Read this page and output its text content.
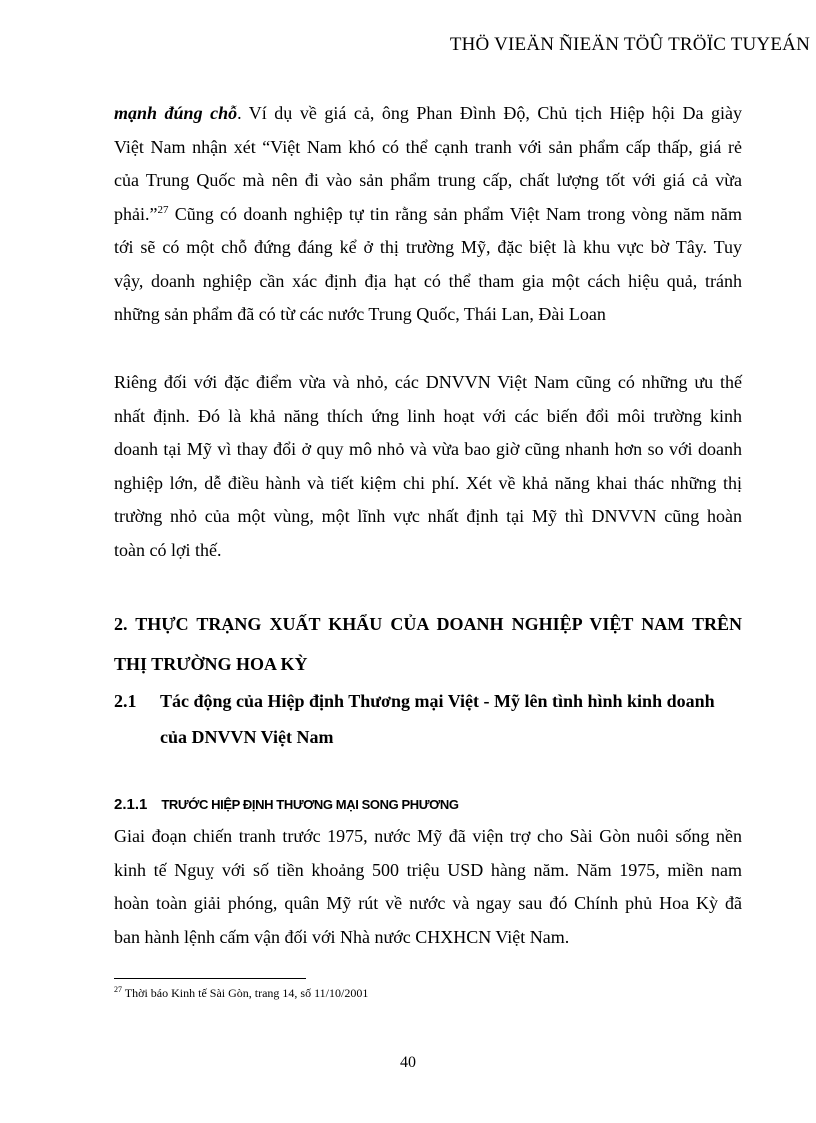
THÖ VIEÄN ÑIEÄN TÖÛ TRÖÏC TUYEÁN
mạnh đúng chỗ. Ví dụ về giá cả, ông Phan Đình Độ, Chủ tịch Hiệp hội Da giày
Việt Nam nhận xét “Việt Nam khó có thể cạnh tranh với sản phẩm cấp thấp, giá rẻ
của Trung Quốc mà nên đi vào sản phẩm trung cấp, chất lượng tốt với giá cả vừa
phải.”$^{27}$ Cũng có doanh nghiệp tự tin rằng sản phẩm Việt Nam trong vòng năm năm
tới sẽ có một chỗ đứng đáng kể ở thị trường Mỹ, đặc biệt là khu vực bờ Tây. Tuy
vậy, doanh nghiệp cần xác định địa hạt có thể tham gia một cách hiệu quả, tránh
những sản phẩm đã có từ các nước Trung Quốc, Thái Lan, Đài Loan
Riêng đối với đặc điểm vừa và nhỏ, các DNVVN Việt Nam cũng có những ưu thế
nhất định. Đó là khả năng thích ứng linh hoạt với các biến đổi môi trường kinh
doanh tại Mỹ vì thay đổi ở quy mô nhỏ và vừa bao giờ cũng nhanh hơn so với doanh
nghiệp lớn, dễ điều hành và tiết kiệm chi phí. Xét về khả năng khai thác những thị
trường nhỏ của một vùng, một lĩnh vực nhất định tại Mỹ thì DNVVN cũng hoàn
toàn có lợi thế.
2. THỰC TRẠNG XUẤT KHẨU CỦA DOANH NGHIỆP VIỆT NAM TRÊN
THỊ TRƯỜNG HOA KỲ
2.1 Tác động của Hiệp định Thương mại Việt - Mỹ lên tình hình kinh doanh
của DNVVN Việt Nam
2.1.1 TRƯỚC HIỆP ĐỊNH THƯƠNG MẠI SONG PHƯƠNG
Giai đoạn chiến tranh trước 1975, nước Mỹ đã viện trợ cho Sài Gòn nuôi sống nền
kinh tế Nguỵ với số tiền khoảng 500 triệu USD hàng năm. Năm 1975, miền nam
hoàn toàn giải phóng, quân Mỹ rút về nước và ngay sau đó Chính phủ Hoa Kỳ đã
ban hành lệnh cấm vận đối với Nhà nước CHXHCN Việt Nam.
$^{27}$ Thời báo Kinh tế Sài Gòn, trang 14, số 11/10/2001
40
